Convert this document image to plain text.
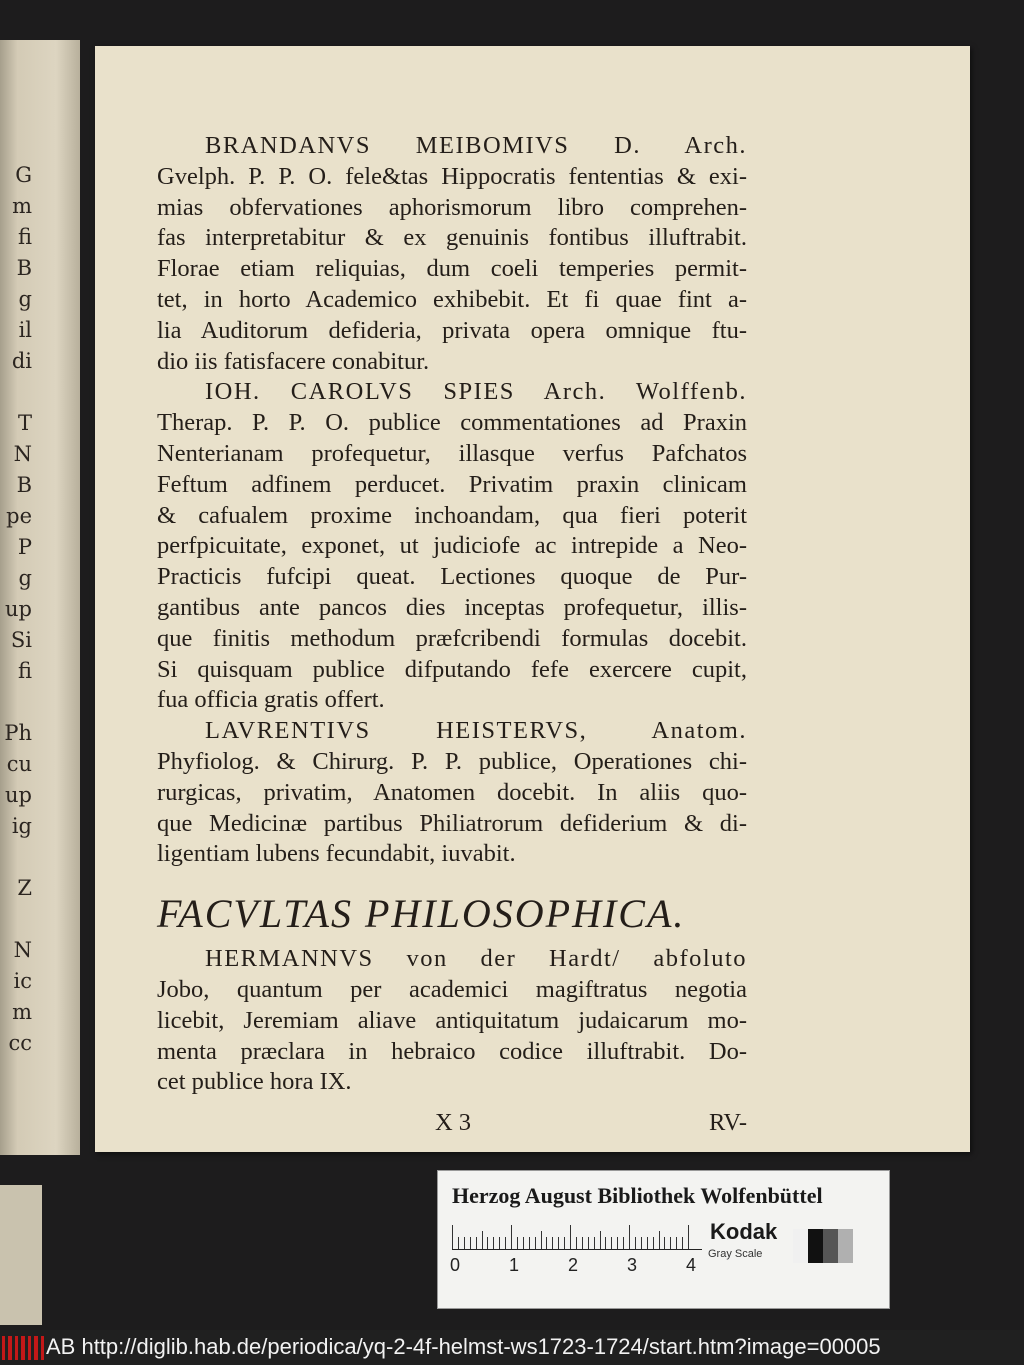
G
m
fi
B
g
il
di
T
N
B
pe
P
g
up
Si
fi
Ph
cu
up
ig
Z
N
ic
m
cc
BRANDANVS MEIBOMIVS D. Arch.
Gvelph. P. P. O. fele&tas Hippocratis fententias & exi-
mias obfervationes aphorismorum libro comprehen-
fas interpretabitur & ex genuinis fontibus illuftrabit.
Florae etiam reliquias, dum coeli temperies permit-
tet, in horto Academico exhibebit. Et fi quae fint a-
lia Auditorum defideria, privata opera omnique ftu-
dio iis fatisfacere conabitur.
IOH. CAROLVS SPIES Arch. Wolffenb.
Therap. P. P. O. publice commentationes ad Praxin
Nenterianam profequetur, illasque verfus Pafchatos
Feftum adfinem perducet. Privatim praxin clinicam
& cafualem proxime inchoandam, qua fieri poterit
perfpicuitate, exponet, ut judiciofe ac intrepide a Neo-
Practicis fufcipi queat. Lectiones quoque de Pur-
gantibus ante pancos dies inceptas profequetur, illis-
que finitis methodum præfcribendi formulas docebit.
Si quisquam publice difputando fefe exercere cupit,
fua officia gratis offert.
LAVRENTIVS HEISTERVS, Anatom.
Phyfiolog. & Chirurg. P. P. publice, Operationes chi-
rurgicas, privatim, Anatomen docebit. In aliis quo-
que Medicinæ partibus Philiatrorum defiderium & di-
ligentiam lubens fecundabit, iuvabit.
FACVLTAS PHILOSOPHICA.
HERMANNVS von der Hardt/ abfoluto
Jobo, quantum per academici magiftratus negotia
licebit, Jeremiam aliave antiquitatum judaicarum mo-
menta præclara in hebraico codice illuftrabit. Do-
cet publice hora IX.
X 3	RV-
Herzog August Bibliothek Wolfenbüttel
0	1	2	3	4
Kodak
Gray Scale
AB http://diglib.hab.de/periodica/yq-2-4f-helmst-ws1723-1724/start.htm?image=00005
